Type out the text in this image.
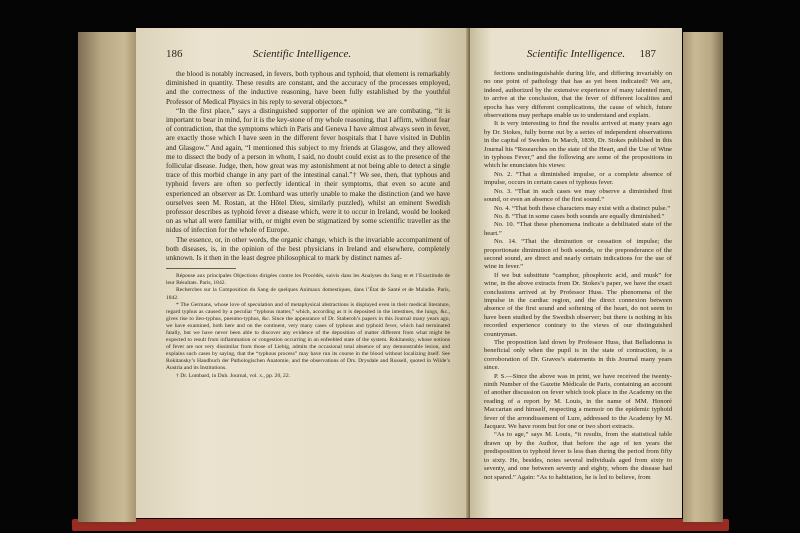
186	Scientific Intelligence.

the blood is notably increased, in fevers, both typhous and typhoid, that element is remarkably diminished in quantity. These results are constant, and the accuracy of the processes employed, and the correctness of the inductive reasoning, have been fully established by the youthful Professor of Medical Physics in his reply to several objectors.*

“In the first place,” says a distinguished supporter of the opinion we are combating, “it is important to bear in mind, for it is the key-stone of my whole reasoning, that I affirm, without fear of contradiction, that the symptoms which in Paris and Geneva I have almost always seen in fever, are exactly those which I have seen in the different fever hospitals that I have visited in Dublin and Glasgow.” And again, “I mentioned this subject to my friends at Glasgow, and they allowed me to dissect the body of a person in whom, I said, no doubt could exist as to the presence of the follicular disease. Judge, then, how great was my astonishment at not being able to detect a single trace of this morbid change in any part of the intestinal canal.”† We see, then, that typhous and typhoid fevers are often so perfectly identical in their symptoms, that even so acute and experienced an observer as Dr. Lombard was utterly unable to make the distinction (and we have ourselves seen M. Rostan, at the Hôtel Dieu, similarly puzzled), whilst an eminent Swedish professor describes as typhoid fever a disease which, were it to occur in Ireland, would be looked on as what all were familiar with, or might even be stigmatized by some scientific traveller as the nidus of infection for the whole of Europe.

The essence, or, in other words, the organic change, which is the invariable accompaniment of both diseases, is, in the opinion of the best physicians in Ireland and elsewhere, completely unknown. Is it then in the least degree philosophical to mark by distinct names af-

Réponse aux principales Objections dirigées contre les Procédés, suivis dans les Analyses du Sang et et l’Exactitude de leur Résultats. Paris, 1842.

Recherches sur la Composition du Sang de quelques Animaux domestiques, dans l’État de Santé et de Maladie. Paris, 1842.

* The Germans, whose love of speculation and of metaphysical abstractions is displayed even in their medical literature, regard typhus as caused by a peculiar “typhous matter,” which, according as it is deposited in the intestines, the lungs, &c., gives rise to ileo-typhus, pneumo-typhus, &c. Since the appearance of Dr. Staberoh’s papers in this Journal many years ago, we have examined, both here and on the continent, very many cases of typhous and typhoid fever, which had terminated fatally, but we have never been able to discover any evidence of the deposition of matter different from what might be expected to result from inflammation or congestion occurring in an enfeebled state of the system. Rokitansky, whose notions of fever are not very dissimilar from those of Liebig, admits the occasional total absence of any demonstrable lesion, and explains such cases by saying, that the “typhous process” may have run its course in the blood without localizing itself. See Rokitansky’s Handbuch der Pathologischen Anatomie, and the observations of Drs. Drysdale and Russell, quoted in Wilde’s Austria and its Institutions.

† Dr. Lombard, in Dub. Journal, vol. x., pp. 20, 22.

Scientific Intelligence.	187

fections undistinguishable during life, and differing invariably on no one point of pathology that has as yet been indicated? We are, indeed, authorized by the extensive experience of many talented men, to arrive at the conclusion, that the fever of different localities and epochs has very different complications, the cause of which, future observations may perhaps enable us to understand and explain.

It is very interesting to find the results arrived at many years ago by Dr. Stokes, fully borne out by a series of independent observations in the capital of Sweden. In March, 1839, Dr. Stokes published in this Journal his “Researches on the state of the Heart, and the Use of Wine in typhous Fever,” and the following are some of the propositions in which he enunciates his views:

No. 2. “That a diminished impulse, or a complete absence of impulse, occurs in certain cases of typhous fever.

No. 3. “That in such cases we may observe a diminished first sound, or even an absence of the first sound.”

No. 4. “That both these characters may exist with a distinct pulse.”

No. 8. “That in some cases both sounds are equally diminished.”

No. 10. “That these phenomena indicate a debilitated state of the heart.”

No. 14. “That the diminution or cessation of impulse; the proportionate diminution of both sounds, or the preponderance of the second sound, are direct and nearly certain indications for the use of wine in fever.”

If we but substitute “camphor, phosphoric acid, and musk” for wine, in the above extracts from Dr. Stokes’s paper, we have the exact conclusions arrived at by Professor Huss. The phenomena of the impulse in the cardiac region, and the direct connexion between absence of the first sound and softening of the heart, do not seem to have been studied by the Swedish observer; but there is nothing in his recorded experience contrary to the views of our distinguished countryman.

The proposition laid down by Professor Huss, that Belladonna is beneficial only when the pupil is in the state of contraction, is a corroboration of Dr. Graves’s statements in this Journal many years since.

P. S.—Since the above was in print, we have received the twenty-ninth Number of the Gazette Médicale de Paris, containing an account of another discussion on fever which took place in the Academy on the reading of a report by M. Louis, in the name of MM. Honoré Maccartan and himself, respecting a memoir on the epidemic typhoid fever of the arrondissement of Lure, addressed to the Academy by M. Jacquez. We have room but for one or two short extracts.

“As to age,” says M. Louis, “it results, from the statistical table drawn up by the Author, that before the age of ten years the predisposition to typhoid fever is less than during the period from fifty to sixty. He, besides, notes several individuals aged from sixty to seventy, and one between seventy and eighty, whom the disease had not spared.” Again: “As to habitation, he is led to believe, from
